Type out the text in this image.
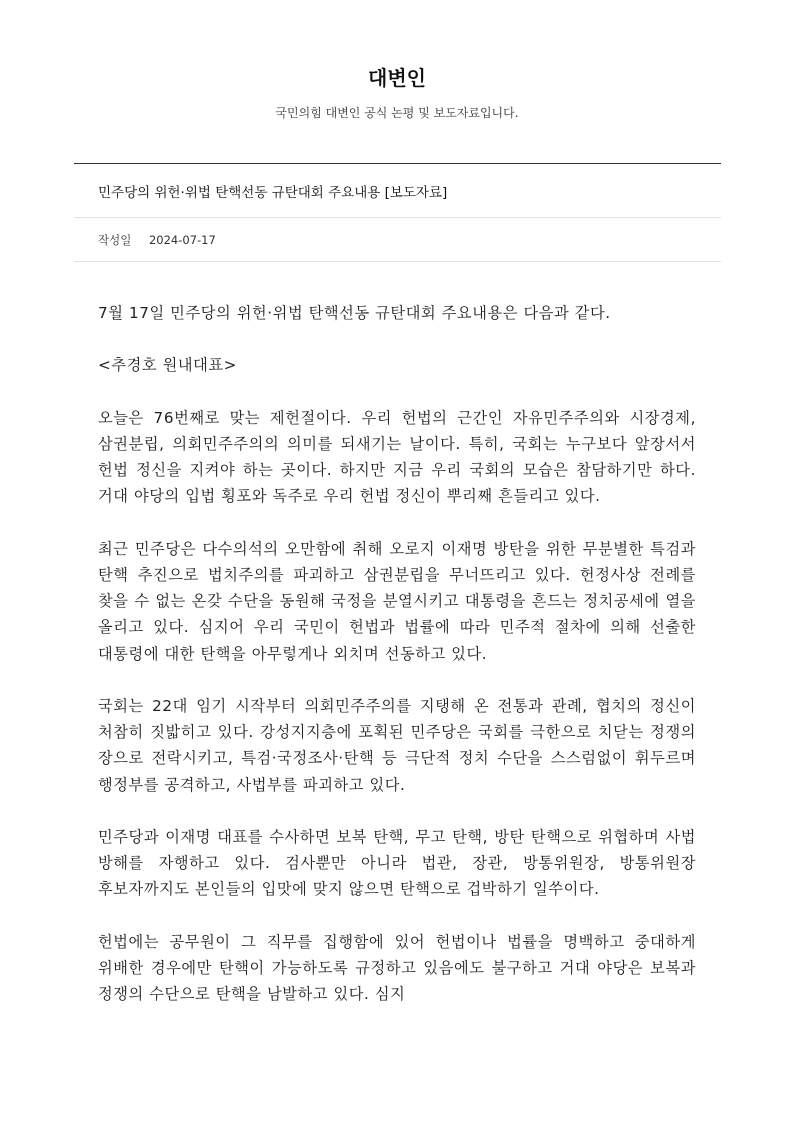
대변인

국민의힘 대변인 공식 논평 및 보도자료입니다.

민주당의 위헌·위법 탄핵선동 규탄대회 주요내용 [보도자료]
작성일 2024-07-17

7월 17일 민주당의 위헌·위법 탄핵선동 규탄대회 주요내용은 다음과 같다.

<추경호 원내대표>

오늘은 76번째로 맞는 제헌절이다. 우리 헌법의 근간인 자유민주주의와 시장경제, 삼권분립, 의회민주주의의 의미를 되새기는 날이다. 특히, 국회는 누구보다 앞장서서 헌법 정신을 지켜야 하는 곳이다. 하지만 지금 우리 국회의 모습은 참담하기만 하다. 거대 야당의 입법 횡포와 독주로 우리 헌법 정신이 뿌리째 흔들리고 있다.

최근 민주당은 다수의석의 오만함에 취해 오로지 이재명 방탄을 위한 무분별한 특검과 탄핵 추진으로 법치주의를 파괴하고 삼권분립을 무너뜨리고 있다. 헌정사상 전례를 찾을 수 없는 온갖 수단을 동원해 국정을 분열시키고 대통령을 흔드는 정치공세에 열을 올리고 있다. 심지어 우리 국민이 헌법과 법률에 따라 민주적 절차에 의해 선출한 대통령에 대한 탄핵을 아무렇게나 외치며 선동하고 있다.

국회는 22대 임기 시작부터 의회민주주의를 지탱해 온 전통과 관례, 협치의 정신이 처참히 짓밟히고 있다. 강성지지층에 포획된 민주당은 국회를 극한으로 치닫는 정쟁의 장으로 전락시키고, 특검·국정조사·탄핵 등 극단적 정치 수단을 스스럼없이 휘두르며 행정부를 공격하고, 사법부를 파괴하고 있다.

민주당과 이재명 대표를 수사하면 보복 탄핵, 무고 탄핵, 방탄 탄핵으로 위협하며 사법 방해를 자행하고 있다. 검사뿐만 아니라 법관, 장관, 방통위원장, 방통위원장 후보자까지도 본인들의 입맛에 맞지 않으면 탄핵으로 겁박하기 일쑤이다.

헌법에는 공무원이 그 직무를 집행함에 있어 헌법이나 법률을 명백하고 중대하게 위배한 경우에만 탄핵이 가능하도록 규정하고 있음에도 불구하고 거대 야당은 보복과 정쟁의 수단으로 탄핵을 남발하고 있다. 심지
